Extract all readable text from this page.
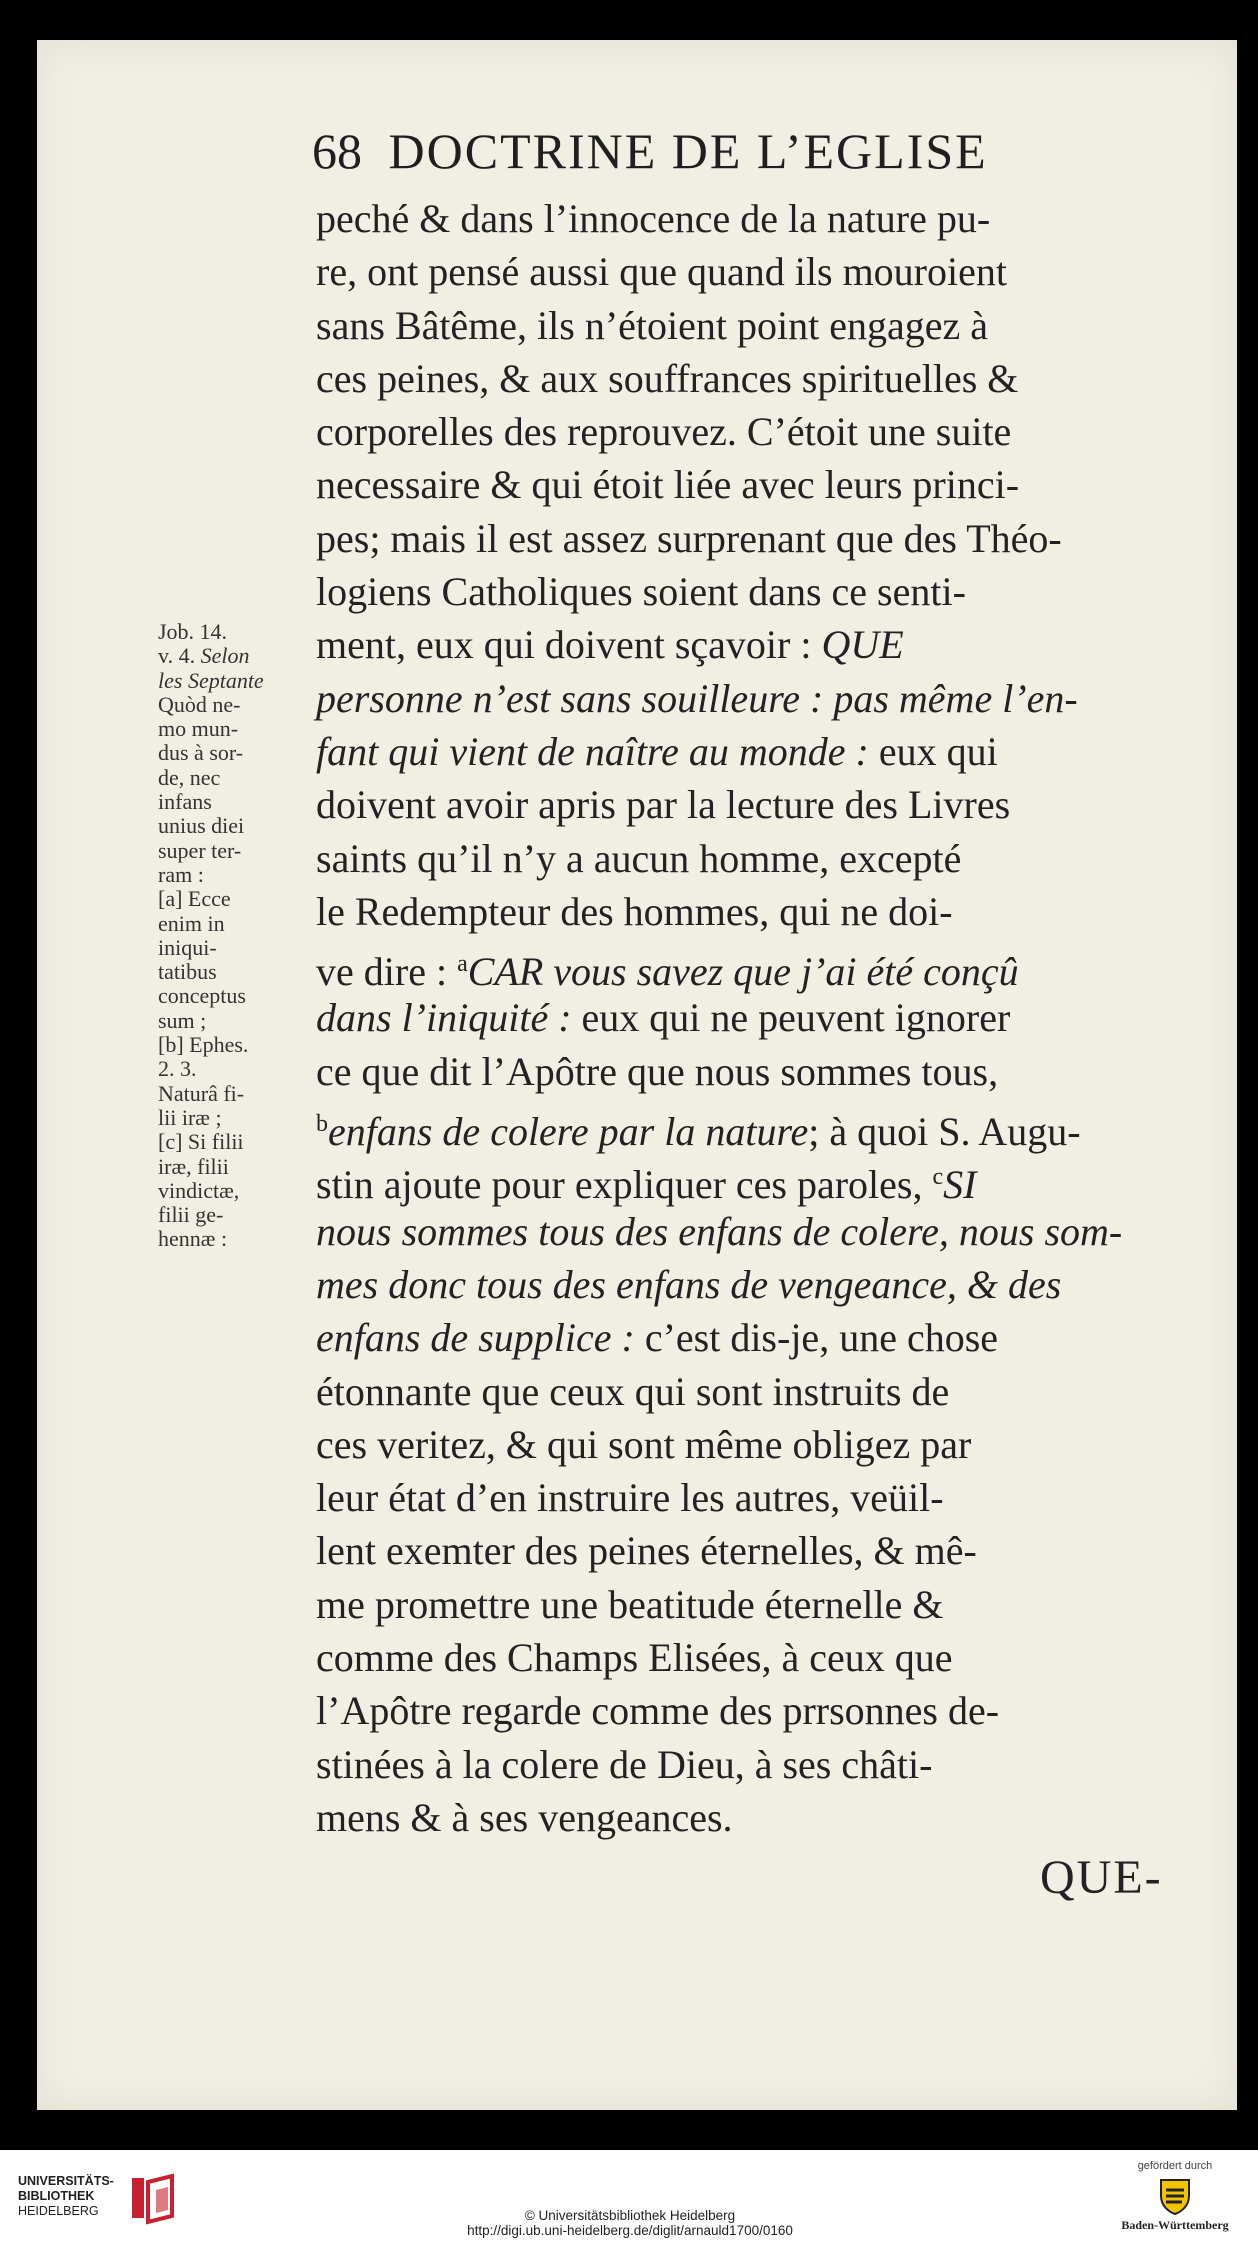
68 DOCTRINE DE L’EGLISE
peché & dans l’innocence de la nature pu-
re, ont pensé aussi que quand ils mouroient
sans Bâtême, ils n’étoient point engagez à
ces peines, & aux souffrances spirituelles &
corporelles des reprouvez. C’étoit une suite
necessaire & qui étoit liée avec leurs princi-
pes; mais il est assez surprenant que des Théo-
logiens Catholiques soient dans ce senti-
ment, eux qui doivent sçavoir : QUE
personne n’est sans souilleure : pas même l’en-
fant qui vient de naître au monde : eux qui
doivent avoir apris par la lecture des Livres
saints qu’il n’y a aucun homme, excepté
le Redempteur des hommes, qui ne doi-
ve dire : $^a$CAR vous savez que j’ai été conçû
dans l’iniquité : eux qui ne peuvent ignorer
ce que dit l’Apôtre que nous sommes tous,
$^b$enfans de colere par la nature; à quoi S. Augu-
stin ajoute pour expliquer ces paroles, $^c$SI
nous sommes tous des enfans de colere, nous som-
mes donc tous des enfans de vengeance, & des
enfans de supplice : c’est dis-je, une chose
étonnante que ceux qui sont instruits de
ces veritez, & qui sont même obligez par
leur état d’en instruire les autres, veüil-
lent exemter des peines éternelles, & mê-
me promettre une beatitude éternelle &
comme des Champs Elisées, à ceux que
l’Apôtre regarde comme des prrsonnes de-
stinées à la colere de Dieu, à ses châti-
mens & à ses vengeances.
QUE-
Job. 14.
v. 4. Selon
les Septante
Quòd ne-
mo mun-
dus à sor-
de, nec
infans
unius diei
super ter-
ram :
[a] Ecce
enim in
iniqui-
tatibus
conceptus
sum ;
[b] Ephes.
2. 3.
Naturâ fi-
lii iræ ;
[c] Si filii
iræ, filii
vindictæ,
filii ge-
hennæ :
UNIVERSITÄTS-
BIBLIOTHEK
HEIDELBERG	© Universitätsbibliothek Heidelberg
http://digi.ub.uni-heidelberg.de/diglit/arnauld1700/0160
gefördert durch
Baden-Württemberg
